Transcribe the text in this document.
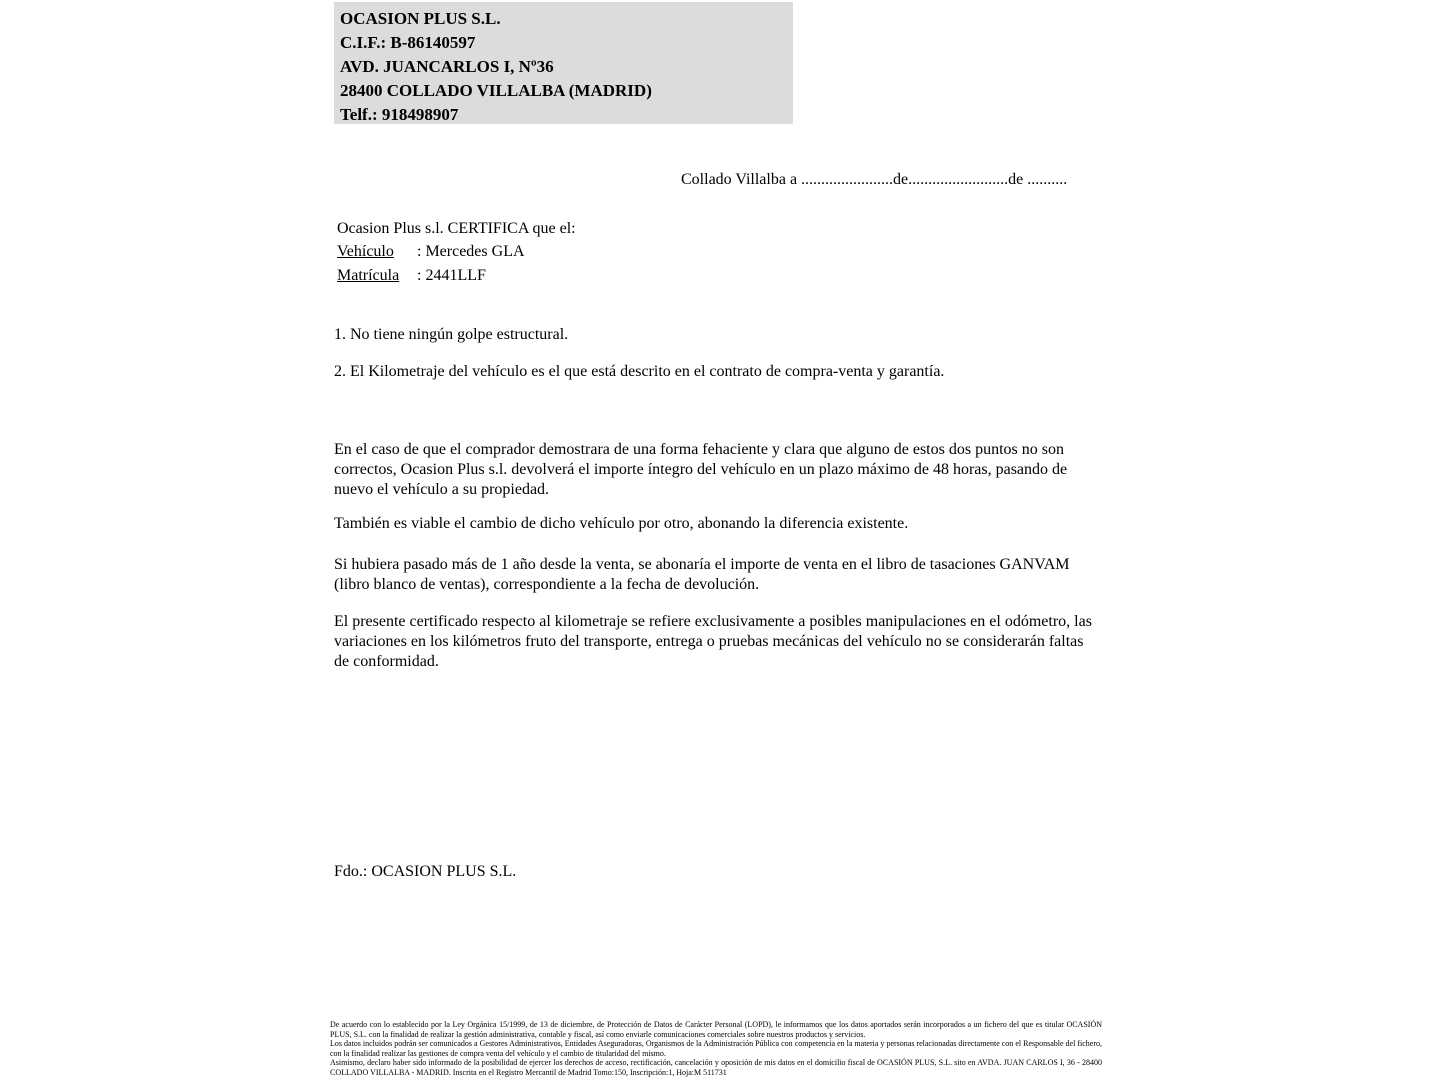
OCASION PLUS S.L.
C.I.F.: B-86140597
AVD. JUANCARLOS I, Nº36
28400 COLLADO VILLALBA (MADRID)
Telf.: 918498907
Collado Villalba a .......................de.........................de ..........
Ocasion Plus s.l. CERTIFICA que el:
Vehículo : Mercedes GLA
Matrícula : 2441LLF
1. No tiene ningún golpe estructural.
2. El Kilometraje del vehículo es el que está descrito en el contrato de compra-venta y garantía.
En el caso de que el comprador demostrara de una forma fehaciente y clara que alguno de estos dos puntos no son correctos, Ocasion Plus s.l. devolverá el importe íntegro del vehículo en un plazo máximo de 48 horas, pasando de nuevo el vehículo a su propiedad.
También es viable el cambio de dicho vehículo por otro, abonando la diferencia existente.
Si hubiera pasado más de 1 año desde la venta, se abonaría el importe de venta en el libro de tasaciones GANVAM (libro blanco de ventas), correspondiente a la fecha de devolución.
El presente certificado respecto al kilometraje se refiere exclusivamente a posibles manipulaciones en el odómetro, las variaciones en los kilómetros fruto del transporte, entrega o pruebas mecánicas del vehículo no se considerarán faltas de conformidad.
Fdo.: OCASION PLUS S.L.
De acuerdo con lo establecido por la Ley Orgánica 15/1999, de 13 de diciembre, de Protección de Datos de Carácter Personal (LOPD), le informamos que los datos aportados serán incorporados a un fichero del que es titular OCASIÓN PLUS, S.L. con la finalidad de realizar la gestión administrativa, contable y fiscal, así como enviarle comunicaciones comerciales sobre nuestros productos y servicios.
Los datos incluidos podrán ser comunicados a Gestores Administrativos, Entidades Aseguradoras, Organismos de la Administración Pública con competencia en la materia y personas relacionadas directamente con el Responsable del fichero, con la finalidad realizar las gestiones de compra venta del vehículo y el cambio de titularidad del mismo.
Asimismo, declaro haber sido informado de la posibilidad de ejercer los derechos de acceso, rectificación, cancelación y oposición de mis datos en el domicilio fiscal de OCASIÓN PLUS, S.L. sito en AVDA. JUAN CARLOS I, 36 - 28400 COLLADO VILLALBA - MADRID. Inscrita en el Registro Mercantil de Madrid Tomo:150, Inscripción:1, Hoja:M 511731
